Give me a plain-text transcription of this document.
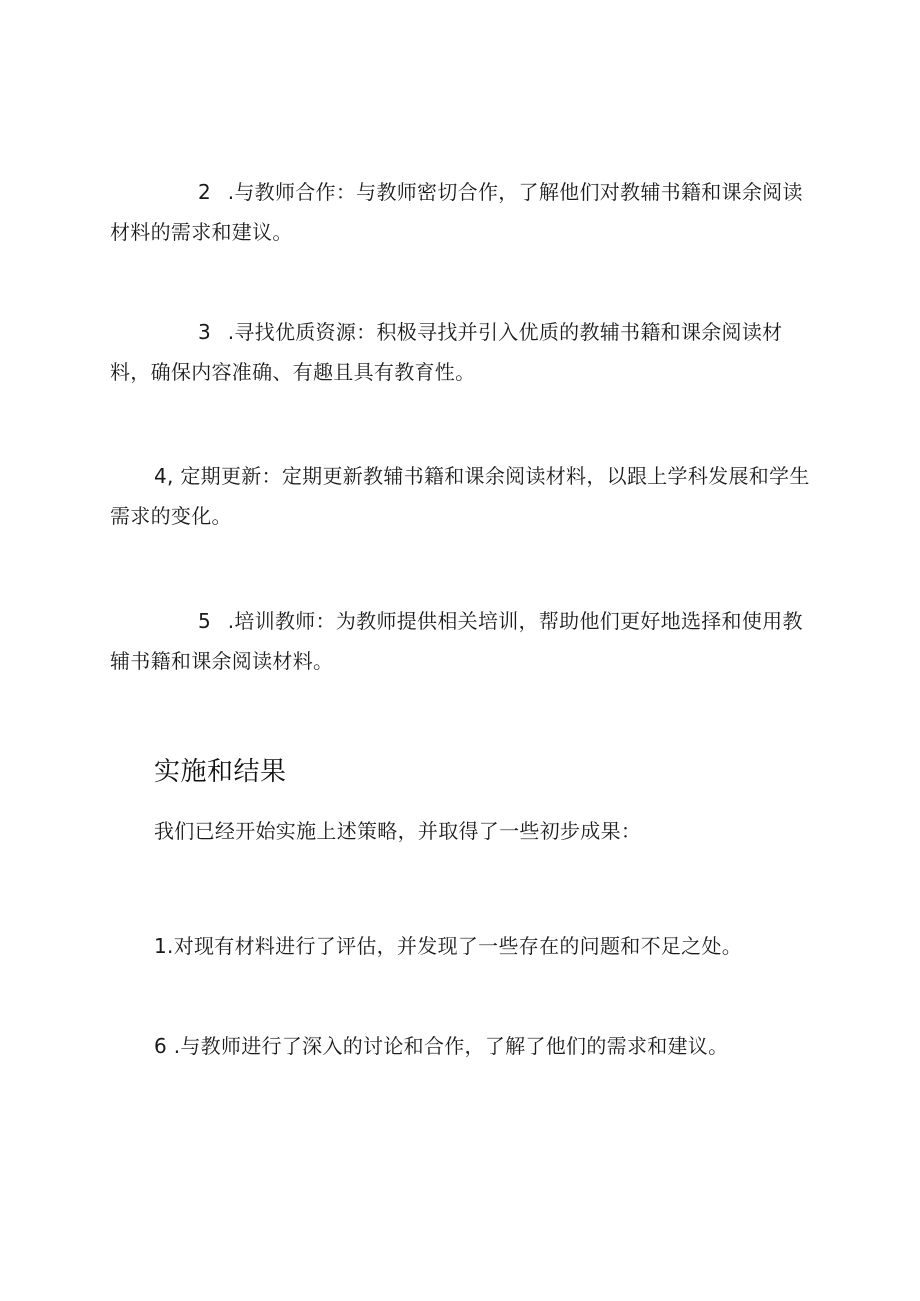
2 .与教师合作：与教师密切合作，了解他们对教辅书籍和课余阅读材料的需求和建议。

3 .寻找优质资源：积极寻找并引入优质的教辅书籍和课余阅读材料，确保内容准确、有趣且具有教育性。

4, 定期更新：定期更新教辅书籍和课余阅读材料，以跟上学科发展和学生需求的变化。

5 .培训教师：为教师提供相关培训，帮助他们更好地选择和使用教辅书籍和课余阅读材料。

实施和结果

我们已经开始实施上述策略，并取得了一些初步成果：

1.对现有材料进行了评估，并发现了一些存在的问题和不足之处。

6 .与教师进行了深入的讨论和合作，了解了他们的需求和建议。
